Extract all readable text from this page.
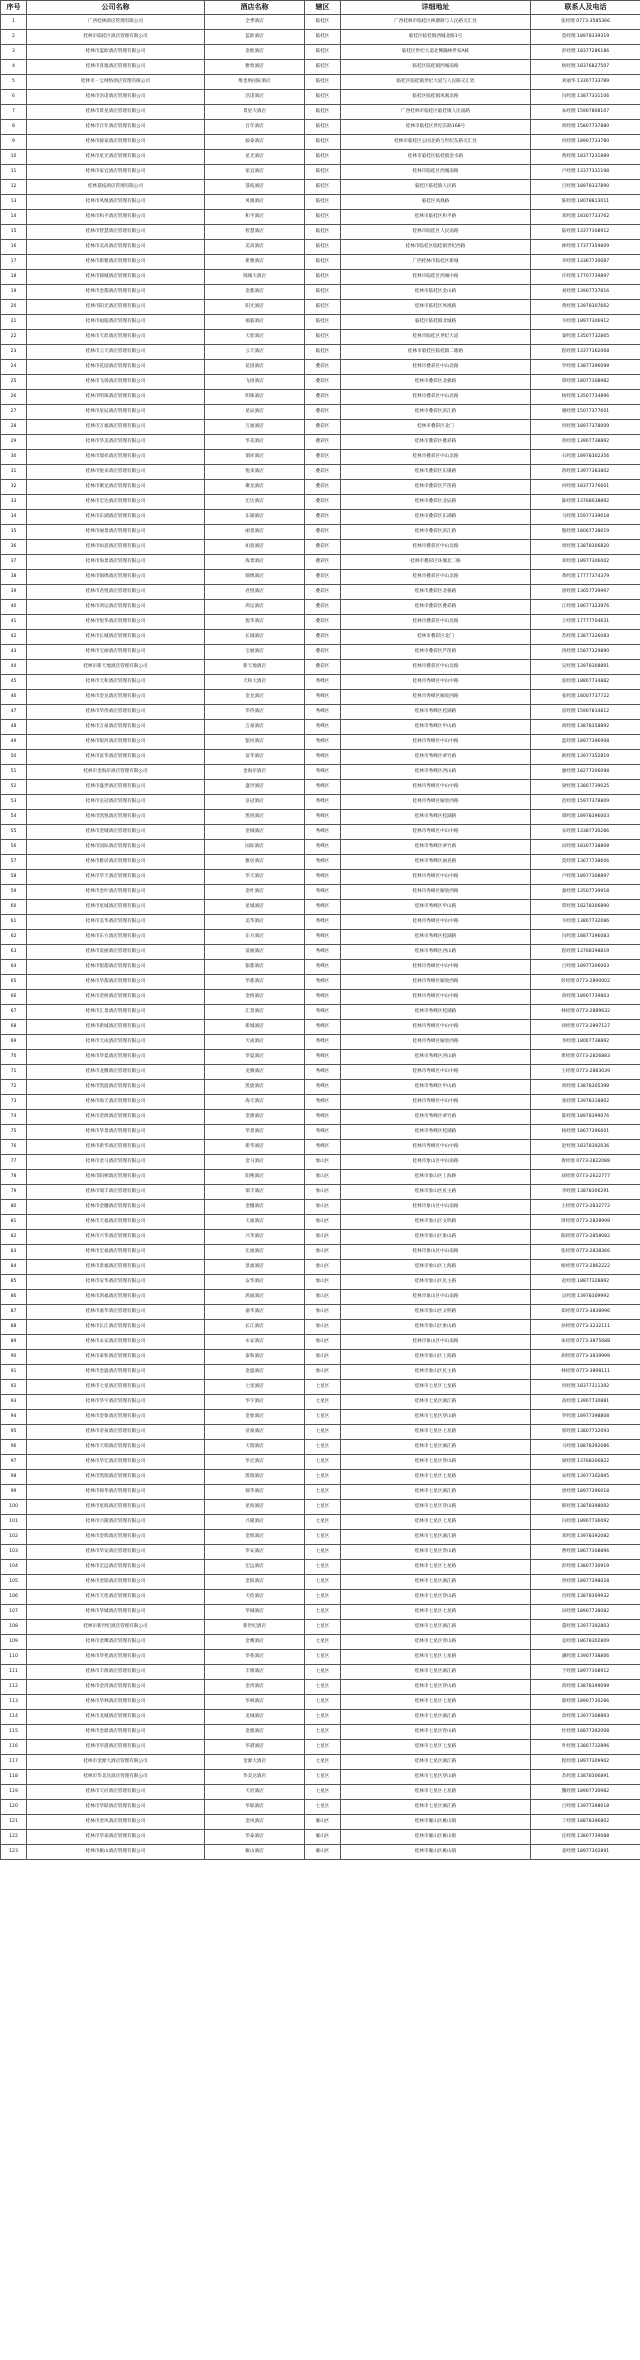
序号	公司名称	酒店名称	辖区	详细地址	联系人及电话
1	广西桂林酒店管理有限公司	全季酒店	临桂区	广西桂林市临桂区秧塘路与人民路交汇处	张经理 0773-3585366
2	桂林市临桂区酒店管理有限公司	蓝欧酒店	临桂区	临桂区临桂镇西城北路1号	莫经理 18978339319
3	桂林市蓝欧酒店管理有限公司	金欧酒店	临桂区	临桂区世纪大道北侧瀚林世家A栋	彭经理 18377286186
4	桂林市喜逸酒店管理有限公司	雅致酒店	临桂区	临桂区临桂镇西城南路	杨经理 18376827507
5	桂林市一尘网络酒店管理有限公司	维也纳国际酒店	临桂区	临桂区临桂镇世纪大道与人民路交汇处	刘丽华 13307733789
6	桂林市浩诺酒店管理有限公司	浩诺酒店	临桂区	临桂区临桂镇凤凰北路	冯经理 13877331106
7	桂林市景星酒店管理有限公司	景星大酒店	临桂区	广西桂林市临桂区临桂镇人民南路	朱经理 15907808107
8	桂林市百年酒店管理有限公司	百年酒店	临桂区	桂林市临桂区世纪东路168号	周经理 15807737880
9	桂林市骏泰酒店管理有限公司	骏泰酒店	临桂区	桂林市临桂区公园北路与世纪东路交汇处	何经理 18907733780
10	桂林市星光酒店管理有限公司	星光酒店	临桂区	桂林市临桂区临桂镇金水路	黄经理 18377231889
11	桂林市家宜酒店管理有限公司	家宜酒店	临桂区	桂林市临桂区西城南路	卢经理 13377331198
12	桂林荔枝酒店管理有限公司	荔枝酒店	临桂区	临桂区临桂镇人民路	吕经理 18978337890
13	桂林市凤凰酒店管理有限公司	凤凰酒店	临桂区	临桂区凤凰路	陈经理 18078813011
14	桂林市和平酒店管理有限公司	和平酒店	临桂区	桂林市临桂区和平路	邓经理 18307733762
15	桂林市智慧酒店管理有限公司	智慧酒店	临桂区	桂林市临桂区人民南路	陆经理 13377308912
16	桂林市美高酒店管理有限公司	美高酒店	临桂区	桂林市临桂区临桂镇世纪西路	林经理 17377359809
17	桂林市新雅酒店管理有限公司	新雅酒店	临桂区	广西桂林市临桂区新城	李经理 13367730087
18	桂林市锦城酒店管理有限公司	锦城大酒店	临桂区	桂林市临桂区西城中路	许经理 17707739897
19	桂林市金都酒店管理有限公司	金都酒店	临桂区	桂林市临桂区金山路	刘经理 13907737816
20	桂林市阳光酒店管理有限公司	阳光酒店	临桂区	桂林市临桂区凤凰路	黄经理 13978307662
21	桂林市福临酒店管理有限公司	福临酒店	临桂区	临桂区临桂镇北城路	韦经理 18977306912
22	桂林市天涯酒店管理有限公司	天涯酒店	临桂区	桂林市临桂区世纪大道	秦经理 13507732865
23	桂林市云天酒店管理有限公司	云天酒店	临桂区	桂林市临桂区临桂镇二塘路	程经理 13377362068
24	桂林市花园酒店管理有限公司	花园酒店	叠彩区	桂林市叠彩区中山北路	罗经理 13877396098
25	桂林市飞扬酒店管理有限公司	飞扬酒店	叠彩区	桂林市叠彩区北极路	覃经理 18077308982
26	桂林市明珠酒店管理有限公司	明珠酒店	叠彩区	桂林市叠彩区中山北路	杨经理 13507734896
27	桂林市星辰酒店管理有限公司	星辰酒店	叠彩区	桂林市叠彩区滨江路	谢经理 15077377601
28	桂林市万福酒店管理有限公司	万福酒店	叠彩区	桂林市叠彩区北门	何经理 18977378009
29	桂林市华美酒店管理有限公司	华美酒店	叠彩区	桂林市叠彩区叠彩路	曾经理 13907738892
30	桂林市瑞祥酒店管理有限公司	瑞祥酒店	叠彩区	桂林市叠彩区中山北路	石经理 18978302356
31	桂林市悦来酒店管理有限公司	悦来酒店	叠彩区	桂林市叠彩区东镇路	蒋经理 13977383802
32	桂林市聚龙酒店管理有限公司	聚龙酒店	叠彩区	桂林市叠彩区芦笛路	何经理 18377376601
33	桂林市宏达酒店管理有限公司	宏达酒店	叠彩区	桂林市叠彩区北辰路	陈经理 13768038892
34	桂林市东湖酒店管理有限公司	东湖酒店	叠彩区	桂林市叠彩区东湖路	马经理 15977339018
35	桂林市丽景酒店管理有限公司	丽景酒店	叠彩区	桂林市叠彩区滨江路	熊经理 18007738619
36	桂林市如意酒店管理有限公司	如意酒店	叠彩区	桂林市叠彩区中山北路	周经理 13878306820
37	桂林市海景酒店管理有限公司	海景酒店	叠彩区	桂林市叠彩区环城北二路	邓经理 18977306002
38	桂林市锦绣酒店管理有限公司	锦绣酒店	叠彩区	桂林市叠彩区中山北路	黄经理 17777374379
39	桂林市君悦酒店管理有限公司	君悦酒店	叠彩区	桂林市叠彩区北极路	唐经理 13657739997
40	桂林市鸿运酒店管理有限公司	鸿运酒店	叠彩区	桂林市叠彩区叠彩路	江经理 18677323976
41	桂林市悦华酒店管理有限公司	悦华酒店	叠彩区	桂林市叠彩区中山北路	王经理 17777704631
42	桂林市长城酒店管理有限公司	长城酒店	叠彩区	桂林市叠彩区北门	苏经理 13877326083
43	桂林市宝丽酒店管理有限公司	宝丽酒店	叠彩区	桂林市叠彩区芦笛路	汤经理 15877329890
44	桂林市新天地酒店管理有限公司	新天地酒店	叠彩区	桂林市叠彩区中山北路	吴经理 13978308891
45	桂林市天和酒店管理有限公司	天和大酒店	秀峰区	桂林市秀峰区中山中路	庞经理 18807734882
46	桂林市金龙酒店管理有限公司	金龙酒店	秀峰区	桂林市秀峰区解放西路	张经理 18007737722
47	桂林市华侨酒店管理有限公司	华侨酒店	秀峰区	桂林市秀峰区桂湖路	雷经理 15907834812
48	桂林市万豪酒店管理有限公司	万豪酒店	秀峰区	桂林市秀峰区甲山路	胡经理 13878358892
49	桂林市银河酒店管理有限公司	银河酒店	秀峰区	桂林市秀峰区中山中路	蓝经理 18977396908
50	桂林市富华酒店管理有限公司	富华酒店	秀峰区	桂林市秀峰区翠竹路	欧经理 13977352819
51	桂林市金海岸酒店管理有限公司	金海岸酒店	秀峰区	桂林市秀峰区西山路	廖经理 18277306098
52	桂林市盛世酒店管理有限公司	盛世酒店	秀峰区	桂林市秀峰区中山中路	梁经理 13807739025
53	桂林市皇冠酒店管理有限公司	皇冠酒店	秀峰区	桂林市秀峰区解放西路	范经理 15977378809
54	桂林市凯悦酒店管理有限公司	凯悦酒店	秀峰区	桂林市秀峰区桂湖路	谭经理 18978396003
55	桂林市金城酒店管理有限公司	金城酒店	秀峰区	桂林市秀峰区中山中路	宋经理 13387730286
56	桂林市国际酒店管理有限公司	国际酒店	秀峰区	桂林市秀峰区翠竹路	田经理 18307738808
57	桂林市雅居酒店管理有限公司	雅居酒店	秀峰区	桂林市秀峰区丽君路	莫经理 13677738606
58	桂林市华天酒店管理有限公司	华天酒店	秀峰区	桂林市秀峰区中山中路	卢经理 18977308897
59	桂林市金叶酒店管理有限公司	金叶酒店	秀峰区	桂林市秀峰区解放西路	秦经理 13507739918
60	桂林市星城酒店管理有限公司	星城酒店	秀峰区	桂林市秀峰区甲山路	覃经理 18278306890
61	桂林市美华酒店管理有限公司	美华酒店	秀峰区	桂林市秀峰区中山中路	韦经理 13807732086
62	桂林市东方酒店管理有限公司	东方酒店	秀峰区	桂林市秀峰区桂湖路	冯经理 18877396083
63	桂林市富丽酒店管理有限公司	富丽酒店	秀峰区	桂林市秀峰区西山路	程经理 13768398819
64	桂林市银都酒店管理有限公司	银都酒店	秀峰区	桂林市秀峰区中山中路	吕经理 18977306003
65	桂林市华都酒店管理有限公司	华都酒店	秀峰区	桂林市秀峰区解放西路	彭经理 0773-2890002
66	桂林市金桥酒店管理有限公司	金桥酒店	秀峰区	桂林市秀峰区中山中路	蒋经理 18907739803
67	桂林市汇景酒店管理有限公司	汇景酒店	秀峰区	桂林市秀峰区桂湖路	林经理 0773-2889632
68	桂林市新城酒店管理有限公司	新城酒店	秀峰区	桂林市秀峰区中山中路	刘经理 0773-2897127
69	桂林市天成酒店管理有限公司	天成酒店	秀峰区	桂林市秀峰区解放西路	李经理 18007738892
70	桂林市华夏酒店管理有限公司	华夏酒店	秀峰区	桂林市秀峰区西山路	黄经理 0773-2826883
71	桂林市龙腾酒店管理有限公司	龙腾酒店	秀峰区	桂林市秀峰区中山中路	王经理 0773-2883039
72	桂林市凯旋酒店管理有限公司	凯旋酒店	秀峰区	桂林市秀峰区甲山路	周经理 13878305398
73	桂林市海天酒店管理有限公司	海天酒店	秀峰区	桂林市秀峰区中山中路	张经理 13978318802
74	桂林市金源酒店管理有限公司	金源酒店	秀峰区	桂林市秀峰区翠竹路	陈经理 18978399076
75	桂林市华景酒店管理有限公司	华景酒店	秀峰区	桂林市秀峰区桂湖路	杨经理 18677396601
76	桂林市新华酒店管理有限公司	新华酒店	秀峰区	桂林市秀峰区中山中路	赵经理 18378392036
77	桂林市金马酒店管理有限公司	金马酒店	象山区	桂林市象山区中山南路	黄经理 0773-2822088
78	桂林市阳朔酒店管理有限公司	阳朔酒店	象山区	桂林市象山区上海路	刘经理 0773-2622777
79	桂林市瑞丰酒店管理有限公司	瑞丰酒店	象山区	桂林市象山区民主路	李经理 13878306291
80	桂林市金穗酒店管理有限公司	金穗酒店	象山区	桂林市象山区中山南路	王经理 0773-2832772
81	桂林市天福酒店管理有限公司	天福酒店	象山区	桂林市象山区文明路	周经理 0773-2828999
82	桂林市兴华酒店管理有限公司	兴华酒店	象山区	桂林市象山区象山路	陈经理 0773-2858082
83	桂林市宏福酒店管理有限公司	宏福酒店	象山区	桂林市象山区中山南路	张经理 0773-2838366
84	桂林市景福酒店管理有限公司	景福酒店	象山区	桂林市象山区上海路	杨经理 0773-2862222
85	桂林市安华酒店管理有限公司	安华酒店	象山区	桂林市象山区民主路	赵经理 18877328892
86	桂林市鸿福酒店管理有限公司	鸿福酒店	象山区	桂林市象山区中山南路	吴经理 13978309992
87	桂林市嘉华酒店管理有限公司	嘉华酒店	象山区	桂林市象山区文明路	郑经理 0773-3838996
88	桂林市长江酒店管理有限公司	长江酒店	象山区	桂林市象山区象山路	孙经理 0773-3232111
89	桂林市永安酒店管理有限公司	永安酒店	象山区	桂林市象山区中山南路	朱经理 0773-3875688
90	桂林市泰和酒店管理有限公司	泰和酒店	象山区	桂林市象山区上海路	胡经理 0773-3839999
91	桂林市金盛酒店管理有限公司	金盛酒店	象山区	桂林市象山区民主路	林经理 0773-3898111
92	桂林市七星酒店管理有限公司	七星酒店	七星区	桂林市七星区七星路	何经理 18377311392
93	桂林市华宇酒店管理有限公司	华宇酒店	七星区	桂林市七星区漓江路	高经理 13907730881
94	桂林市金象酒店管理有限公司	金象酒店	七星区	桂林市七星区穿山路	罗经理 18977398808
95	桂林市帝豪酒店管理有限公司	帝豪酒店	七星区	桂林市七星区七星路	郭经理 13807732093
96	桂林市天瑞酒店管理有限公司	天瑞酒店	七星区	桂林市七星区漓江路	马经理 18878392086
97	桂林市华宏酒店管理有限公司	华宏酒店	七星区	桂林市七星区穿山路	梁经理 13768306822
98	桂林市凯瑞酒店管理有限公司	凯瑞酒店	七星区	桂林市七星区七星路	宋经理 13977302895
99	桂林市锦华酒店管理有限公司	锦华酒店	七星区	桂林市七星区漓江路	唐经理 18977396018
100	桂林市星海酒店管理有限公司	星海酒店	七星区	桂林市七星区穿山路	韩经理 13878398002
101	桂林市兴隆酒店管理有限公司	兴隆酒店	七星区	桂林市七星区七星路	冯经理 18907736092
102	桂林市金辉酒店管理有限公司	金辉酒店	七星区	桂林市七星区漓江路	邓经理 13978392082
103	桂林市华安酒店管理有限公司	华安酒店	七星区	桂林市七星区穿山路	曹经理 18677308896
104	桂林市宏远酒店管理有限公司	宏远酒店	七星区	桂林市七星区七星路	彭经理 13807730919
105	桂林市金阳酒店管理有限公司	金阳酒店	七星区	桂林市七星区漓江路	曾经理 18977398028
106	桂林市天伦酒店管理有限公司	天伦酒店	七星区	桂林市七星区穿山路	肖经理 13878309932
107	桂林市华城酒店管理有限公司	华城酒店	七星区	桂林市七星区七星路	田经理 18907738082
108	桂林市新世纪酒店管理有限公司	新世纪酒店	七星区	桂林市七星区漓江路	董经理 13977392803
109	桂林市金鹰酒店管理有限公司	金鹰酒店	七星区	桂林市七星区穿山路	袁经理 18678302809
110	桂林市华苑酒店管理有限公司	华苑酒店	七星区	桂林市七星区七星路	潘经理 13907738806
111	桂林市丰源酒店管理有限公司	丰源酒店	七星区	桂林市七星区漓江路	于经理 18977308912
112	桂林市金湾酒店管理有限公司	金湾酒店	七星区	桂林市七星区穿山路	蒋经理 13878399098
113	桂林市华林酒店管理有限公司	华林酒店	七星区	桂林市七星区七星路	蔡经理 18907730286
114	桂林市龙城酒店管理有限公司	龙城酒店	七星区	桂林市七星区漓江路	余经理 13977308893
115	桂林市金鼎酒店管理有限公司	金鼎酒店	七星区	桂林市七星区穿山路	杜经理 18877392008
116	桂林市华港酒店管理有限公司	华港酒店	七星区	桂林市七星区七星路	叶经理 13807732896
117	桂林市金源大酒店管理有限公司	金源大酒店	七星区	桂林市七星区漓江路	程经理 18977309902
118	桂林市华美达酒店管理有限公司	华美达酒店	七星区	桂林市七星区穿山路	苏经理 13878306891
119	桂林市天府酒店管理有限公司	天府酒店	七星区	桂林市七星区七星路	魏经理 18907730982
120	桂林市华联酒店管理有限公司	华联酒店	七星区	桂林市七星区漓江路	吕经理 13977398018
121	桂林市金凤酒店管理有限公司	金凤酒店	雁山区	桂林市雁山区雁山镇	丁经理 18878396802
122	桂林市华泰酒店管理有限公司	华泰酒店	雁山区	桂林市雁山区雁山街	任经理 13807739088
123	桂林市雁山酒店管理有限公司	雁山酒店	雁山区	桂林市雁山区雁山镇	姜经理 18977302891
